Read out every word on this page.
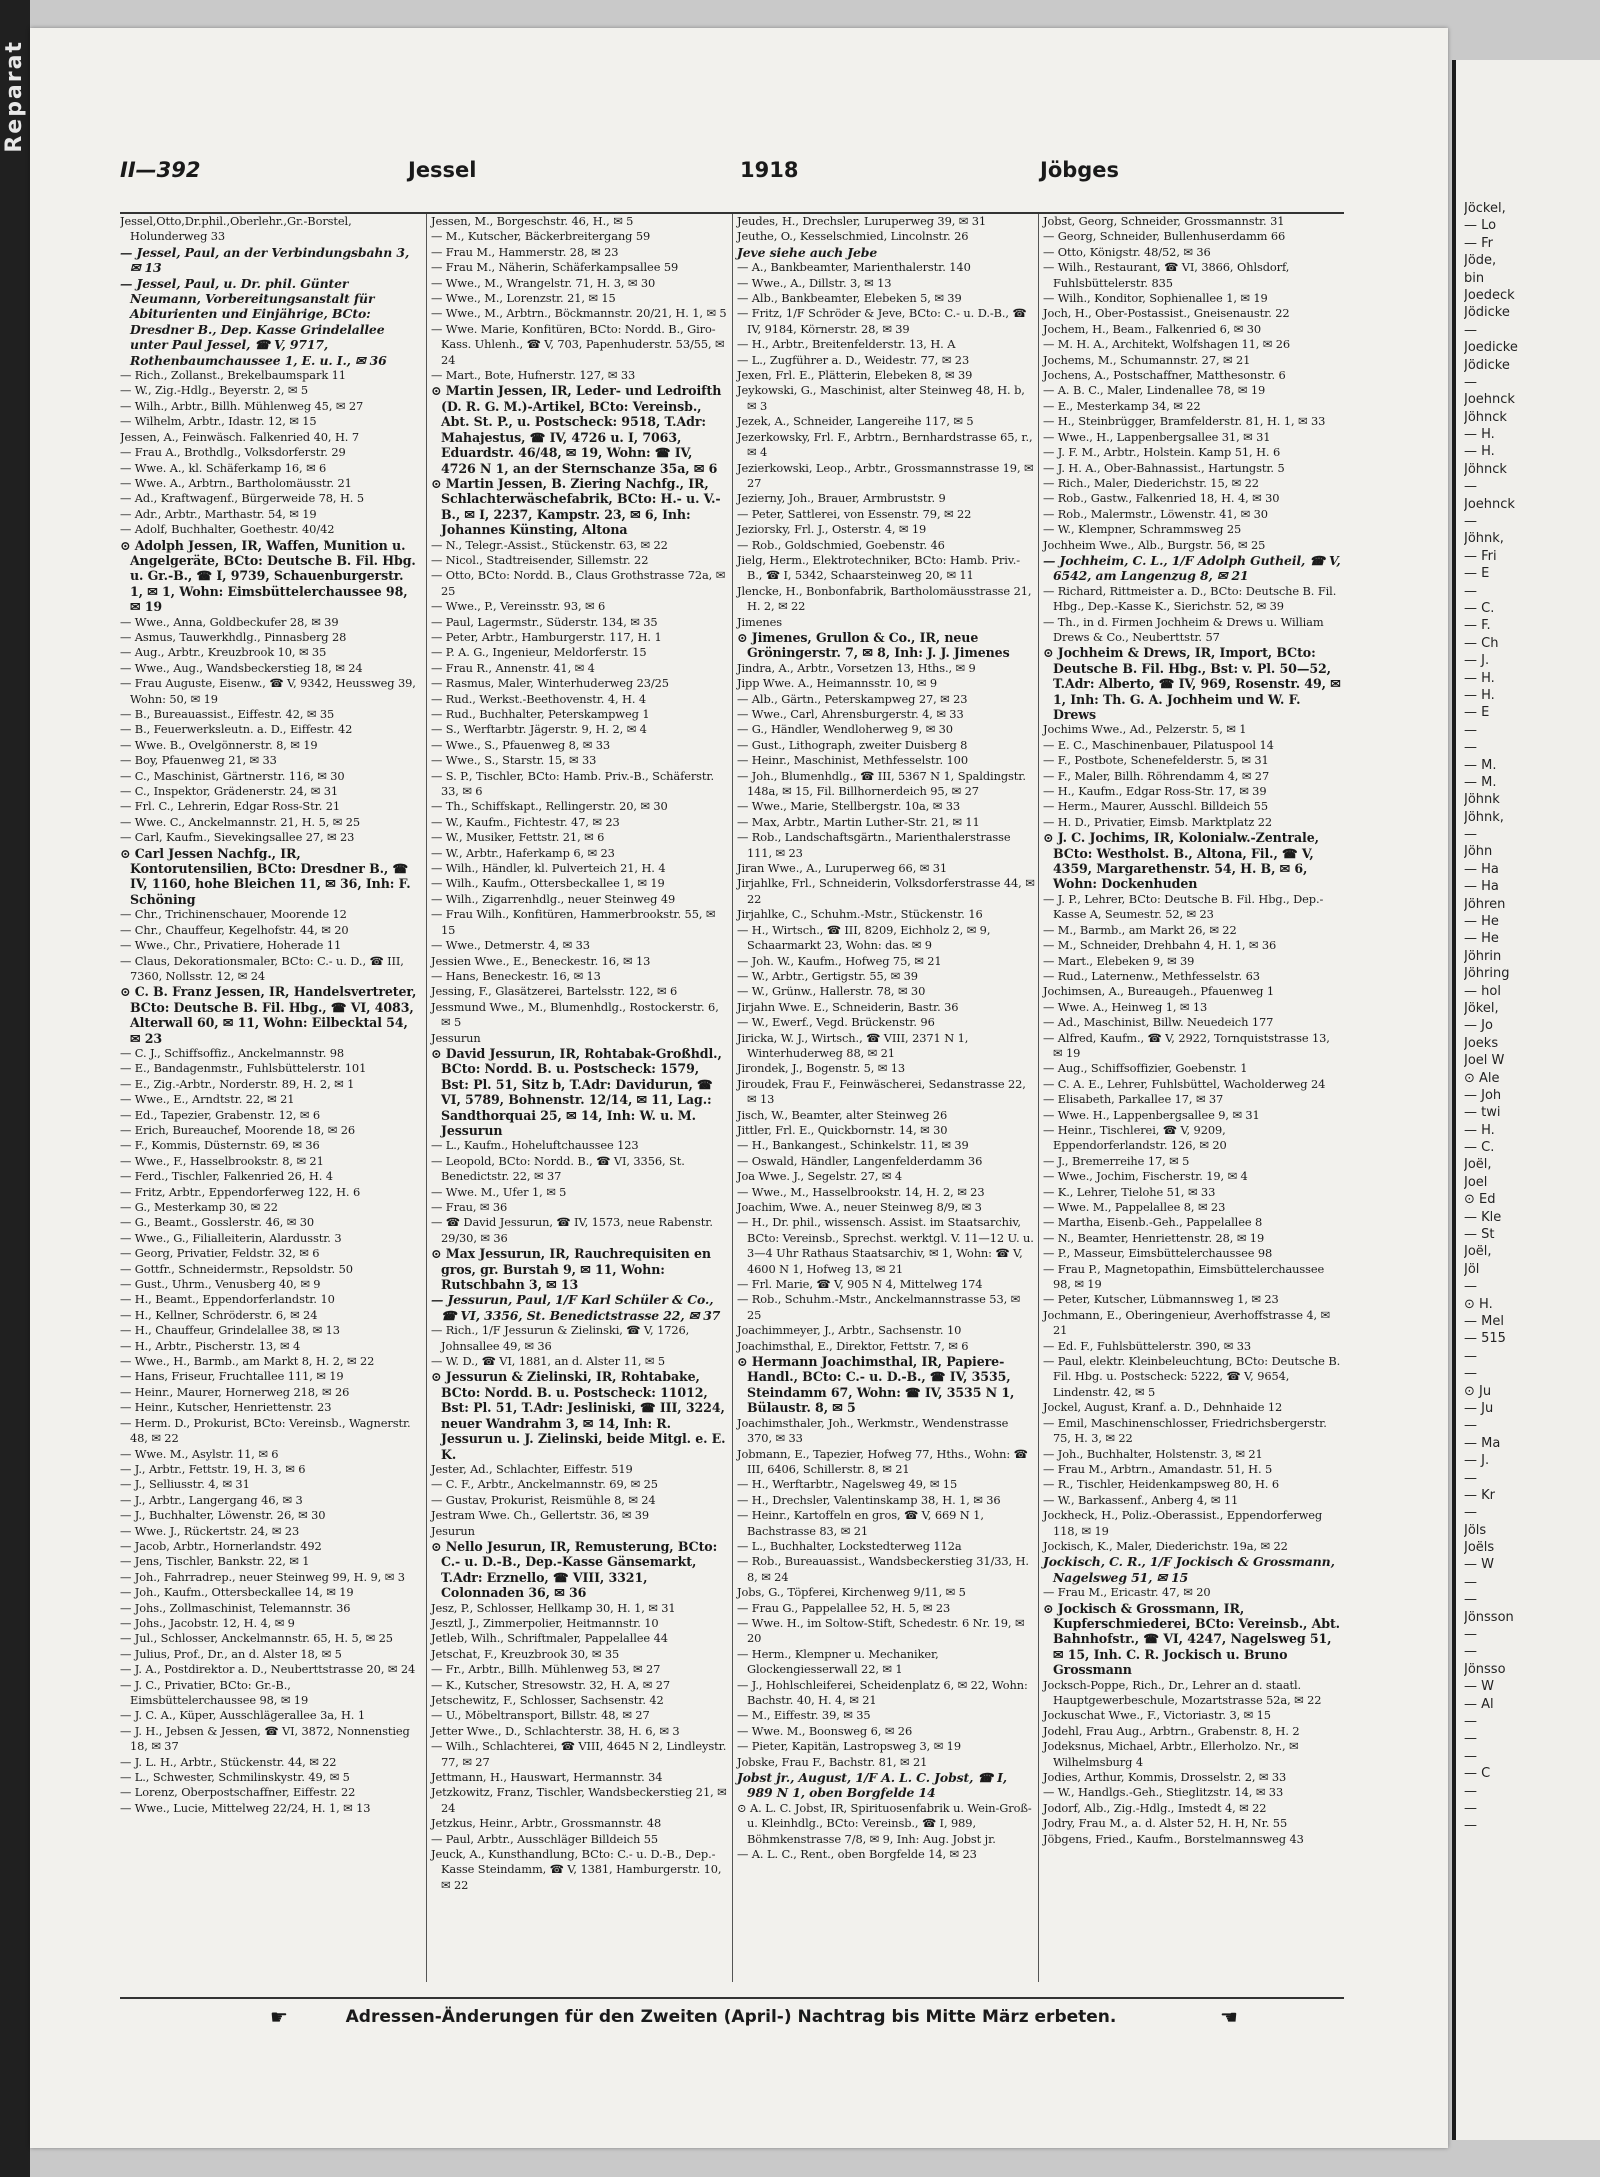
Reparat
II—392	Jessel	1918	Jöbges

Jessel,Otto,Dr.phil.,Oberlehr.,Gr.-Borstel, Holunderweg 33

— Jessel, Paul, an der Verbindungsbahn 3, ✉ 13

— Jessel, Paul, u. Dr. phil. Günter Neumann, Vorbereitungsanstalt für Abiturienten und Einjährige, BCto: Dresdner B., Dep. Kasse Grindelallee unter Paul Jessel, ☎ V, 9717, Rothenbaumchaussee 1, E. u. I., ✉ 36

— Rich., Zollanst., Brekelbaumspark 11

— W., Zig.-Hdlg., Beyerstr. 2, ✉ 5

— Wilh., Arbtr., Billh. Mühlenweg 45, ✉ 27

— Wilhelm, Arbtr., Idastr. 12, ✉ 15

Jessen, A., Feinwäsch. Falkenried 40, H. 7

— Frau A., Brothdlg., Volksdorferstr. 29

— Wwe. A., kl. Schäferkamp 16, ✉ 6

— Wwe. A., Arbtrn., Bartholomäusstr. 21

— Ad., Kraftwagenf., Bürgerweide 78, H. 5

— Adr., Arbtr., Marthastr. 54, ✉ 19

— Adolf, Buchhalter, Goethestr. 40/42

⊙ Adolph Jessen, IR, Waffen, Munition u. Angelgeräte, BCto: Deutsche B. Fil. Hbg. u. Gr.-B., ☎ I, 9739, Schauenburgerstr. 1, ✉ 1, Wohn: Eimsbüttelerchaussee 98, ✉ 19

— Wwe., Anna, Goldbeckufer 28, ✉ 39

— Asmus, Tauwerkhdlg., Pinnasberg 28

— Aug., Arbtr., Kreuzbrook 10, ✉ 35

— Wwe., Aug., Wandsbeckerstieg 18, ✉ 24

— Frau Auguste, Eisenw., ☎ V, 9342, Heussweg 39, Wohn: 50, ✉ 19

— B., Bureauassist., Eiffestr. 42, ✉ 35

— B., Feuerwerksleutn. a. D., Eiffestr. 42

— Wwe. B., Ovelgönnerstr. 8, ✉ 19

— Boy, Pfauenweg 21, ✉ 33

— C., Maschinist, Gärtnerstr. 116, ✉ 30

— C., Inspektor, Grädenerstr. 24, ✉ 31

— Frl. C., Lehrerin, Edgar Ross-Str. 21

— Wwe. C., Anckelmannstr. 21, H. 5, ✉ 25

— Carl, Kaufm., Sievekingsallee 27, ✉ 23

⊙ Carl Jessen Nachfg., IR, Kontorutensilien, BCto: Dresdner B., ☎ IV, 1160, hohe Bleichen 11, ✉ 36, Inh: F. Schöning

— Chr., Trichinenschauer, Moorende 12

— Chr., Chauffeur, Kegelhofstr. 44, ✉ 20

— Wwe., Chr., Privatiere, Hoherade 11

— Claus, Dekorationsmaler, BCto: C.- u. D., ☎ III, 7360, Nollsstr. 12, ✉ 24

⊙ C. B. Franz Jessen, IR, Handelsvertreter, BCto: Deutsche B. Fil. Hbg., ☎ VI, 4083, Alterwall 60, ✉ 11, Wohn: Eilbecktal 54, ✉ 23

— C. J., Schiffsoffiz., Anckelmannstr. 98

— E., Bandagenmstr., Fuhlsbüttelerstr. 101

— E., Zig.-Arbtr., Norderstr. 89, H. 2, ✉ 1

— Wwe., E., Arndtstr. 22, ✉ 21

— Ed., Tapezier, Grabenstr. 12, ✉ 6

— Erich, Bureauchef, Moorende 18, ✉ 26

— F., Kommis, Düsternstr. 69, ✉ 36

— Wwe., F., Hasselbrookstr. 8, ✉ 21

— Ferd., Tischler, Falkenried 26, H. 4

— Fritz, Arbtr., Eppendorferweg 122, H. 6

— G., Mesterkamp 30, ✉ 22

— G., Beamt., Gosslerstr. 46, ✉ 30

— Wwe., G., Filialleiterin, Alardusstr. 3

— Georg, Privatier, Feldstr. 32, ✉ 6

— Gottfr., Schneidermstr., Repsoldstr. 50

— Gust., Uhrm., Venusberg 40, ✉ 9

— H., Beamt., Eppendorferlandstr. 10

— H., Kellner, Schröderstr. 6, ✉ 24

— H., Chauffeur, Grindelallee 38, ✉ 13

— H., Arbtr., Pischerstr. 13, ✉ 4

— Wwe., H., Barmb., am Markt 8, H. 2, ✉ 22

— Hans, Friseur, Fruchtallee 111, ✉ 19

— Heinr., Maurer, Hornerweg 218, ✉ 26

— Heinr., Kutscher, Henriettenstr. 23

— Herm. D., Prokurist, BCto: Vereinsb., Wagnerstr. 48, ✉ 22

— Wwe. M., Asylstr. 11, ✉ 6

— J., Arbtr., Fettstr. 19, H. 3, ✉ 6

— J., Selliusstr. 4, ✉ 31

— J., Arbtr., Langergang 46, ✉ 3

— J., Buchhalter, Löwenstr. 26, ✉ 30

— Wwe. J., Rückertstr. 24, ✉ 23

— Jacob, Arbtr., Hornerlandstr. 492

— Jens, Tischler, Bankstr. 22, ✉ 1

— Joh., Fahrradrep., neuer Steinweg 99, H. 9, ✉ 3

— Joh., Kaufm., Ottersbeckallee 14, ✉ 19

— Johs., Zollmaschinist, Telemannstr. 36

— Johs., Jacobstr. 12, H. 4, ✉ 9

— Jul., Schlosser, Anckelmannstr. 65, H. 5, ✉ 25

— Julius, Prof., Dr., an d. Alster 18, ✉ 5

— J. A., Postdirektor a. D., Neuberttstrasse 20, ✉ 24

— J. C., Privatier, BCto: Gr.-B., Eimsbüttelerchaussee 98, ✉ 19

— J. C. A., Küper, Ausschlägerallee 3a, H. 1

— J. H., Jebsen & Jessen, ☎ VI, 3872, Nonnenstieg 18, ✉ 37

— J. L. H., Arbtr., Stückenstr. 44, ✉ 22

— L., Schwester, Schmilinskystr. 49, ✉ 5

— Lorenz, Oberpostschaffner, Eiffestr. 22

— Wwe., Lucie, Mittelweg 22/24, H. 1, ✉ 13

Jessen, M., Borgeschstr. 46, H., ✉ 5

— M., Kutscher, Bäckerbreitergang 59

— Frau M., Hammerstr. 28, ✉ 23

— Frau M., Näherin, Schäferkampsallee 59

— Wwe., M., Wrangelstr. 71, H. 3, ✉ 30

— Wwe., M., Lorenzstr. 21, ✉ 15

— Wwe., M., Arbtrn., Böckmannstr. 20/21, H. 1, ✉ 5

— Wwe. Marie, Konfitüren, BCto: Nordd. B., Giro-Kass. Uhlenh., ☎ V, 703, Papenhuderstr. 53/55, ✉ 24

— Mart., Bote, Hufnerstr. 127, ✉ 33

⊙ Martin Jessen, IR, Leder- und Ledroifth (D. R. G. M.)-Artikel, BCto: Vereinsb., Abt. St. P., u. Postscheck: 9518, T.Adr: Mahajestus, ☎ IV, 4726 u. I, 7063, Eduardstr. 46/48, ✉ 19, Wohn: ☎ IV, 4726 N 1, an der Sternschanze 35a, ✉ 6

⊙ Martin Jessen, B. Ziering Nachfg., IR, Schlachterwäschefabrik, BCto: H.- u. V.-B., ✉ I, 2237, Kampstr. 23, ✉ 6, Inh: Johannes Künsting, Altona

— N., Telegr.-Assist., Stückenstr. 63, ✉ 22

— Nicol., Stadtreisender, Sillemstr. 22

— Otto, BCto: Nordd. B., Claus Grothstrasse 72a, ✉ 25

— Wwe., P., Vereinsstr. 93, ✉ 6

— Paul, Lagermstr., Süderstr. 134, ✉ 35

— Peter, Arbtr., Hamburgerstr. 117, H. 1

— P. A. G., Ingenieur, Meldorferstr. 15

— Frau R., Annenstr. 41, ✉ 4

— Rasmus, Maler, Winterhuderweg 23/25

— Rud., Werkst.-Beethovenstr. 4, H. 4

— Rud., Buchhalter, Peterskampweg 1

— S., Werftarbtr. Jägerstr. 9, H. 2, ✉ 4

— Wwe., S., Pfauenweg 8, ✉ 33

— Wwe., S., Starstr. 15, ✉ 33

— S. P., Tischler, BCto: Hamb. Priv.-B., Schäferstr. 33, ✉ 6

— Th., Schiffskapt., Rellingerstr. 20, ✉ 30

— W., Kaufm., Fichtestr. 47, ✉ 23

— W., Musiker, Fettstr. 21, ✉ 6

— W., Arbtr., Haferkamp 6, ✉ 23

— Wilh., Händler, kl. Pulverteich 21, H. 4

— Wilh., Kaufm., Ottersbeckallee 1, ✉ 19

— Wilh., Zigarrenhdlg., neuer Steinweg 49

— Frau Wilh., Konfitüren, Hammerbrookstr. 55, ✉ 15

— Wwe., Detmerstr. 4, ✉ 33

Jessien Wwe., E., Beneckestr. 16, ✉ 13

— Hans, Beneckestr. 16, ✉ 13

Jessing, F., Glasätzerei, Bartelsstr. 122, ✉ 6

Jessmund Wwe., M., Blumenhdlg., Rostockerstr. 6, ✉ 5

Jessurun

⊙ David Jessurun, IR, Rohtabak-Großhdl., BCto: Nordd. B. u. Postscheck: 1579, Bst: Pl. 51, Sitz b, T.Adr: Davidurun, ☎ VI, 5789, Bohnenstr. 12/14, ✉ 11, Lag.: Sandthorquai 25, ✉ 14, Inh: W. u. M. Jessurun

— L., Kaufm., Hoheluftchaussee 123

— Leopold, BCto: Nordd. B., ☎ VI, 3356, St. Benedictstr. 22, ✉ 37

— Wwe. M., Ufer 1, ✉ 5

— Frau, ✉ 36

— ☎ David Jessurun, ☎ IV, 1573, neue Rabenstr. 29/30, ✉ 36

⊙ Max Jessurun, IR, Rauchrequisiten en gros, gr. Burstah 9, ✉ 11, Wohn: Rutschbahn 3, ✉ 13

— Jessurun, Paul, 1/F Karl Schüler & Co., ☎ VI, 3356, St. Benedictstrasse 22, ✉ 37

— Rich., 1/F Jessurun & Zielinski, ☎ V, 1726, Johnsallee 49, ✉ 36

— W. D., ☎ VI, 1881, an d. Alster 11, ✉ 5

⊙ Jessurun & Zielinski, IR, Rohtabake, BCto: Nordd. B. u. Postscheck: 11012, Bst: Pl. 51, T.Adr: Jesliniski, ☎ III, 3224, neuer Wandrahm 3, ✉ 14, Inh: R. Jessurun u. J. Zielinski, beide Mitgl. e. E. K.

Jester, Ad., Schlachter, Eiffestr. 519

— C. F., Arbtr., Anckelmannstr. 69, ✉ 25

— Gustav, Prokurist, Reismühle 8, ✉ 24

Jestram Wwe. Ch., Gellertstr. 36, ✉ 39

Jesurun

⊙ Nello Jesurun, IR, Remusterung, BCto: C.- u. D.-B., Dep.-Kasse Gänsemarkt, T.Adr: Erznello, ☎ VIII, 3321, Colonnaden 36, ✉ 36

Jesz, P., Schlosser, Hellkamp 30, H. 1, ✉ 31

Jesztl, J., Zimmerpolier, Heitmannstr. 10

Jetleb, Wilh., Schriftmaler, Pappelallee 44

Jetschat, F., Kreuzbrook 30, ✉ 35

— Fr., Arbtr., Billh. Mühlenweg 53, ✉ 27

— K., Kutscher, Stresowstr. 32, H. A, ✉ 27

Jetschewitz, F., Schlosser, Sachsenstr. 42

— U., Möbeltransport, Billstr. 48, ✉ 27

Jetter Wwe., D., Schlachterstr. 38, H. 6, ✉ 3

— Wilh., Schlachterei, ☎ VIII, 4645 N 2, Lindleystr. 77, ✉ 27

Jettmann, H., Hauswart, Hermannstr. 34

Jetzkowitz, Franz, Tischler, Wandsbeckerstieg 21, ✉ 24

Jetzkus, Heinr., Arbtr., Grossmannstr. 48

— Paul, Arbtr., Ausschläger Billdeich 55

Jeuck, A., Kunsthandlung, BCto: C.- u. D.-B., Dep.-Kasse Steindamm, ☎ V, 1381, Hamburgerstr. 10, ✉ 22

Jeudes, H., Drechsler, Luruperweg 39, ✉ 31

Jeuthe, O., Kesselschmied, Lincolnstr. 26

Jeve siehe auch Jebe

— A., Bankbeamter, Marienthalerstr. 140

— Wwe., A., Dillstr. 3, ✉ 13

— Alb., Bankbeamter, Elebeken 5, ✉ 39

— Fritz, 1/F Schröder & Jeve, BCto: C.- u. D.-B., ☎ IV, 9184, Körnerstr. 28, ✉ 39

— H., Arbtr., Breitenfelderstr. 13, H. A

— L., Zugführer a. D., Weidestr. 77, ✉ 23

Jexen, Frl. E., Plätterin, Elebeken 8, ✉ 39

Jeykowski, G., Maschinist, alter Steinweg 48, H. b, ✉ 3

Jezek, A., Schneider, Langereihe 117, ✉ 5

Jezerkowsky, Frl. F., Arbtrn., Bernhardstrasse 65, r., ✉ 4

Jezierkowski, Leop., Arbtr., Grossmannstrasse 19, ✉ 27

Jezierny, Joh., Brauer, Armbruststr. 9

— Peter, Sattlerei, von Essenstr. 79, ✉ 22

Jeziorsky, Frl. J., Osterstr. 4, ✉ 19

— Rob., Goldschmied, Goebenstr. 46

Jielg, Herm., Elektrotechniker, BCto: Hamb. Priv.-B., ☎ I, 5342, Schaarsteinweg 20, ✉ 11

Jlencke, H., Bonbonfabrik, Bartholomäusstrasse 21, H. 2, ✉ 22

Jimenes

⊙ Jimenes, Grullon & Co., IR, neue Gröningerstr. 7, ✉ 8, Inh: J. J. Jimenes

Jindra, A., Arbtr., Vorsetzen 13, Hths., ✉ 9

Jipp Wwe. A., Heimannsstr. 10, ✉ 9

— Alb., Gärtn., Peterskampweg 27, ✉ 23

— Wwe., Carl, Ahrensburgerstr. 4, ✉ 33

— G., Händler, Wendloherweg 9, ✉ 30

— Gust., Lithograph, zweiter Duisberg 8

— Heinr., Maschinist, Methfesselstr. 100

— Joh., Blumenhdlg., ☎ III, 5367 N 1, Spaldingstr. 148a, ✉ 15, Fil. Billhornerdeich 95, ✉ 27

— Wwe., Marie, Stellbergstr. 10a, ✉ 33

— Max, Arbtr., Martin Luther-Str. 21, ✉ 11

— Rob., Landschaftsgärtn., Marienthalerstrasse 111, ✉ 23

Jiran Wwe., A., Luruperweg 66, ✉ 31

Jirjahlke, Frl., Schneiderin, Volksdorferstrasse 44, ✉ 22

Jirjahlke, C., Schuhm.-Mstr., Stückenstr. 16

— H., Wirtsch., ☎ III, 8209, Eichholz 2, ✉ 9, Schaarmarkt 23, Wohn: das. ✉ 9

— Joh. W., Kaufm., Hofweg 75, ✉ 21

— W., Arbtr., Gertigstr. 55, ✉ 39

— W., Grünw., Hallerstr. 78, ✉ 30

Jirjahn Wwe. E., Schneiderin, Bastr. 36

— W., Ewerf., Vegd. Brückenstr. 96

Jiricka, W. J., Wirtsch., ☎ VIII, 2371 N 1, Winterhuderweg 88, ✉ 21

Jirondek, J., Bogenstr. 5, ✉ 13

Jiroudek, Frau F., Feinwäscherei, Sedanstrasse 22, ✉ 13

Jisch, W., Beamter, alter Steinweg 26

Jittler, Frl. E., Quickbornstr. 14, ✉ 30

— H., Bankangest., Schinkelstr. 11, ✉ 39

— Oswald, Händler, Langenfelderdamm 36

Joa Wwe. J., Segelstr. 27, ✉ 4

— Wwe., M., Hasselbrookstr. 14, H. 2, ✉ 23

Joachim, Wwe. A., neuer Steinweg 8/9, ✉ 3

— H., Dr. phil., wissensch. Assist. im Staatsarchiv, BCto: Vereinsb., Sprechst. werktgl. V. 11—12 U. u. 3—4 Uhr Rathaus Staatsarchiv, ✉ 1, Wohn: ☎ V, 4600 N 1, Hofweg 13, ✉ 21

— Frl. Marie, ☎ V, 905 N 4, Mittelweg 174

— Rob., Schuhm.-Mstr., Anckelmannstrasse 53, ✉ 25

Joachimmeyer, J., Arbtr., Sachsenstr. 10

Joachimsthal, E., Direktor, Fettstr. 7, ✉ 6

⊙ Hermann Joachimsthal, IR, Papiere-Handl., BCto: C.- u. D.-B., ☎ IV, 3535, Steindamm 67, Wohn: ☎ IV, 3535 N 1, Bülaustr. 8, ✉ 5

Joachimsthaler, Joh., Werkmstr., Wendenstrasse 370, ✉ 33

Jobmann, E., Tapezier, Hofweg 77, Hths., Wohn: ☎ III, 6406, Schillerstr. 8, ✉ 21

— H., Werftarbtr., Nagelsweg 49, ✉ 15

— H., Drechsler, Valentinskamp 38, H. 1, ✉ 36

— Heinr., Kartoffeln en gros, ☎ V, 669 N 1, Bachstrasse 83, ✉ 21

— L., Buchhalter, Lockstedterweg 112a

— Rob., Bureauassist., Wandsbeckerstieg 31/33, H. 8, ✉ 24

Jobs, G., Töpferei, Kirchenweg 9/11, ✉ 5

— Frau G., Pappelallee 52, H. 5, ✉ 23

— Wwe. H., im Soltow-Stift, Schedestr. 6 Nr. 19, ✉ 20

— Herm., Klempner u. Mechaniker, Glockengiesserwall 22, ✉ 1

— J., Hohlschleiferei, Scheidenplatz 6, ✉ 22, Wohn: Bachstr. 40, H. 4, ✉ 21

— M., Eiffestr. 39, ✉ 35

— Wwe. M., Boonsweg 6, ✉ 26

— Pieter, Kapitän, Lastropsweg 3, ✉ 19

Jobske, Frau F., Bachstr. 81, ✉ 21

Jobst jr., August, 1/F A. L. C. Jobst, ☎ I, 989 N 1, oben Borgfelde 14

⊙ A. L. C. Jobst, IR, Spirituosenfabrik u. Wein-Groß- u. Kleinhdlg., BCto: Vereinsb., ☎ I, 989, Böhmkenstrasse 7/8, ✉ 9, Inh: Aug. Jobst jr.

— A. L. C., Rent., oben Borgfelde 14, ✉ 23

Jobst, Georg, Schneider, Grossmannstr. 31

— Georg, Schneider, Bullenhuserdamm 66

— Otto, Königstr. 48/52, ✉ 36

— Wilh., Restaurant, ☎ VI, 3866, Ohlsdorf, Fuhlsbüttelerstr. 835

— Wilh., Konditor, Sophienallee 1, ✉ 19

Joch, H., Ober-Postassist., Gneisenaustr. 22

Jochem, H., Beam., Falkenried 6, ✉ 30

— M. H. A., Architekt, Wolfshagen 11, ✉ 26

Jochems, M., Schumannstr. 27, ✉ 21

Jochens, A., Postschaffner, Matthesonstr. 6

— A. B. C., Maler, Lindenallee 78, ✉ 19

— E., Mesterkamp 34, ✉ 22

— H., Steinbrügger, Bramfelderstr. 81, H. 1, ✉ 33

— Wwe., H., Lappenbergsallee 31, ✉ 31

— J. F. M., Arbtr., Holstein. Kamp 51, H. 6

— J. H. A., Ober-Bahnassist., Hartungstr. 5

— Rich., Maler, Diederichstr. 15, ✉ 22

— Rob., Gastw., Falkenried 18, H. 4, ✉ 30

— Rob., Malermstr., Löwenstr. 41, ✉ 30

— W., Klempner, Schrammsweg 25

Jochheim Wwe., Alb., Burgstr. 56, ✉ 25

— Jochheim, C. L., 1/F Adolph Gutheil, ☎ V, 6542, am Langenzug 8, ✉ 21

— Richard, Rittmeister a. D., BCto: Deutsche B. Fil. Hbg., Dep.-Kasse K., Sierichstr. 52, ✉ 39

— Th., in d. Firmen Jochheim & Drews u. William Drews & Co., Neuberttstr. 57

⊙ Jochheim & Drews, IR, Import, BCto: Deutsche B. Fil. Hbg., Bst: v. Pl. 50—52, T.Adr: Alberto, ☎ IV, 969, Rosenstr. 49, ✉ 1, Inh: Th. G. A. Jochheim und W. F. Drews

Jochims Wwe., Ad., Pelzerstr. 5, ✉ 1

— E. C., Maschinenbauer, Pilatuspool 14

— F., Postbote, Schenefelderstr. 5, ✉ 31

— F., Maler, Billh. Röhrendamm 4, ✉ 27

— H., Kaufm., Edgar Ross-Str. 17, ✉ 39

— Herm., Maurer, Ausschl. Billdeich 55

— H. D., Privatier, Eimsb. Marktplatz 22

⊙ J. C. Jochims, IR, Kolonialw.-Zentrale, BCto: Westholst. B., Altona, Fil., ☎ V, 4359, Margarethenstr. 54, H. B, ✉ 6, Wohn: Dockenhuden

— J. P., Lehrer, BCto: Deutsche B. Fil. Hbg., Dep.-Kasse A, Seumestr. 52, ✉ 23

— M., Barmb., am Markt 26, ✉ 22

— M., Schneider, Drehbahn 4, H. 1, ✉ 36

— Mart., Elebeken 9, ✉ 39

— Rud., Laternenw., Methfesselstr. 63

Jochimsen, A., Bureaugeh., Pfauenweg 1

— Wwe. A., Heinweg 1, ✉ 13

— Ad., Maschinist, Billw. Neuedeich 177

— Alfred, Kaufm., ☎ V, 2922, Tornquiststrasse 13, ✉ 19

— Aug., Schiffsoffizier, Goebenstr. 1

— C. A. E., Lehrer, Fuhlsbüttel, Wacholderweg 24

— Elisabeth, Parkallee 17, ✉ 37

— Wwe. H., Lappenbergsallee 9, ✉ 31

— Heinr., Tischlerei, ☎ V, 9209, Eppendorferlandstr. 126, ✉ 20

— J., Bremerreihe 17, ✉ 5

— Wwe., Jochim, Fischerstr. 19, ✉ 4

— K., Lehrer, Tielohe 51, ✉ 33

— Wwe. M., Pappelallee 8, ✉ 23

— Martha, Eisenb.-Geh., Pappelallee 8

— N., Beamter, Henriettenstr. 28, ✉ 19

— P., Masseur, Eimsbüttelerchaussee 98

— Frau P., Magnetopathin, Eimsbüttelerchaussee 98, ✉ 19

— Peter, Kutscher, Lübmannsweg 1, ✉ 23

Jochmann, E., Oberingenieur, Averhoffstrasse 4, ✉ 21

— Ed. F., Fuhlsbüttelerstr. 390, ✉ 33

— Paul, elektr. Kleinbeleuchtung, BCto: Deutsche B. Fil. Hbg. u. Postscheck: 5222, ☎ V, 9654, Lindenstr. 42, ✉ 5

Jockel, August, Kranf. a. D., Dehnhaide 12

— Emil, Maschinenschlosser, Friedrichsbergerstr. 75, H. 3, ✉ 22

— Joh., Buchhalter, Holstenstr. 3, ✉ 21

— Frau M., Arbtrn., Amandastr. 51, H. 5

— R., Tischler, Heidenkampsweg 80, H. 6

— W., Barkassenf., Anberg 4, ✉ 11

Jockheck, H., Poliz.-Oberassist., Eppendorferweg 118, ✉ 19

Jockisch, K., Maler, Diederichstr. 19a, ✉ 22

Jockisch, C. R., 1/F Jockisch & Grossmann, Nagelsweg 51, ✉ 15

— Frau M., Ericastr. 47, ✉ 20

⊙ Jockisch & Grossmann, IR, Kupferschmiederei, BCto: Vereinsb., Abt. Bahnhofstr., ☎ VI, 4247, Nagelsweg 51, ✉ 15, Inh. C. R. Jockisch u. Bruno Grossmann

Jocksch-Poppe, Rich., Dr., Lehrer an d. staatl. Hauptgewerbeschule, Mozartstrasse 52a, ✉ 22

Jockuschat Wwe., F., Victoriastr. 3, ✉ 15

Jodehl, Frau Aug., Arbtrn., Grabenstr. 8, H. 2

Jodeksnus, Michael, Arbtr., Ellerholzo. Nr., ✉ Wilhelmsburg 4

Jodies, Arthur, Kommis, Drosselstr. 2, ✉ 33

— W., Handlgs.-Geh., Stieglitzstr. 14, ✉ 33

Jodorf, Alb., Zig.-Hdlg., Imstedt 4, ✉ 22

Jodry, Frau M., a. d. Alster 52, H. H, Nr. 55

Jöbgens, Fried., Kaufm., Borstelmannsweg 43

☛	Adressen-Änderungen für den Zweiten (April-) Nachtrag bis Mitte März erbeten.	☚
Jöckel,
— Lo
— Fr
Jöde,
bin
Joedeck
Jödicke
—
Joedicke
Jödicke
—
Joehnck
Jöhnck
— H.
— H.
Jöhnck
—
Joehnck
—
Jöhnk,
— Fri
— E
—
— C.
— F.
— Ch
— J.
— H.
— H.
— E
—
—
— M.
— M.
Jöhnk
Jöhnk,
—
Jöhn
— Ha
— Ha
Jöhren
— He
— He
Jöhrin
Jöhring
— hol
Jökel,
— Jo
Joeks
Joel W
⊙ Ale
— Joh
— twi
— H.
— C.
Joël,
Joel
⊙ Ed
— Kle
— St
Joël,
Jöl
—
⊙ H.
— Mel
— 515
—
—
⊙ Ju
— Ju
—
— Ma
— J.
—
— Kr
—
Jöls
Joëls
— W
—
—
Jönsson
—
—
Jönsso
— W
— Al
—
—
—
— C
—
—
—
